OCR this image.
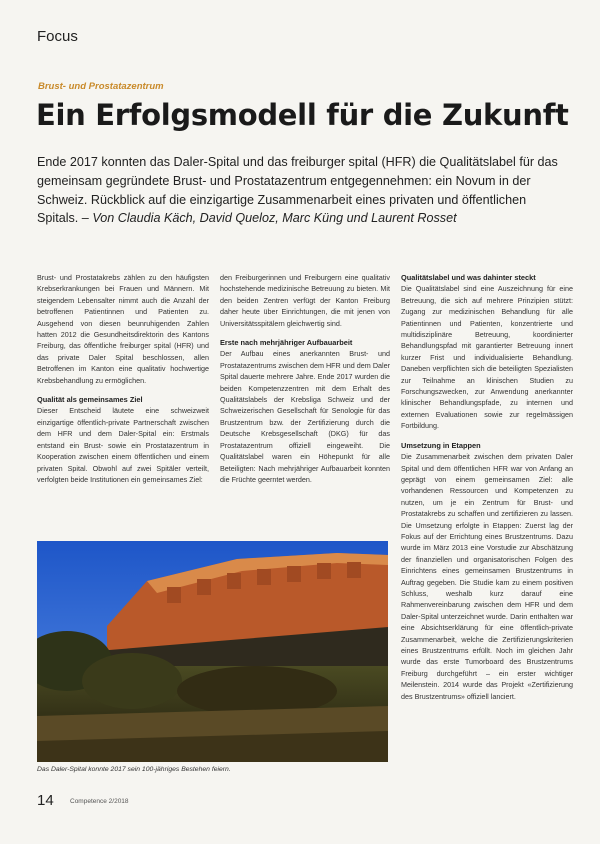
Focus
Brust- und Prostatazentrum
Ein Erfolgsmodell für die Zukunft
Ende 2017 konnten das Daler-Spital und das freiburger spital (HFR) die Qualitätslabel für das gemeinsam gegründete Brust- und Prostatazentrum entgegennehmen: ein Novum in der Schweiz. Rückblick auf die einzigartige Zusammenarbeit eines privaten und öffentlichen Spitals. – Von Claudia Käch, David Queloz, Marc Küng und Laurent Rosset

Brust- und Prostatakrebs zählen zu den häufigsten Krebserkrankungen bei Frauen und Männern. Mit steigendem Lebensalter nimmt auch die Anzahl der betroffenen Patientinnen und Patienten zu. Ausgehend von diesen beunruhigenden Zahlen hatten 2012 die Gesundheitsdirektorin des Kantons Freiburg, das öffentliche freiburger spital (HFR) und das private Daler Spital beschlossen, allen Betroffenen im Kanton eine qualitativ hochwertige Krebsbehandlung zu ermöglichen.

Qualität als gemeinsames Ziel

Dieser Entscheid läutete eine schweizweit einzigartige öffentlich-private Partnerschaft zwischen dem HFR und dem Daler-Spital ein: Erstmals entstand ein Brust- sowie ein Prostatazentrum in Kooperation zwischen einem öffentlichen und einem privaten Spital. Obwohl auf zwei Spitäler verteilt, verfolgten beide Institutionen ein gemeinsames Ziel:

den Freiburgerinnen und Freiburgern eine qualitativ hochstehende medizinische Betreuung zu bieten. Mit den beiden Zentren verfügt der Kanton Freiburg daher heute über Einrichtungen, die mit jenen von Universitätsspitälern gleichwertig sind.

Erste nach mehrjähriger Aufbauarbeit

Der Aufbau eines anerkannten Brust- und Prostatazentrums zwischen dem HFR und dem Daler Spital dauerte mehrere Jahre. Ende 2017 wurden die beiden Kompetenzzentren mit dem Erhalt des Qualitätslabels der Krebsliga Schweiz und der Schweizerischen Gesellschaft für Senologie für das Brustzentrum bzw. der Zertifizierung durch die Deutsche Krebsgesellschaft (DKG) für das Prostatazentrum offiziell eingeweiht. Die Qualitätslabel waren ein Höhepunkt für alle Beteiligten: Nach mehrjähriger Aufbauarbeit konnten die Früchte geerntet werden.

Qualitätslabel und was dahinter steckt

Die Qualitätslabel sind eine Auszeichnung für eine Betreuung, die sich auf mehrere Prinzipien stützt: Zugang zur medizinischen Behandlung für alle Patientinnen und Patienten, konzentrierte und multidisziplinäre Betreuung, koordinierter Behandlungspfad mit garantierter Betreuung innert kurzer Frist und individualisierte Behandlung. Daneben verpflichten sich die beteiligten Spezialisten zur Teilnahme an klinischen Studien zu Forschungszwecken, zur Anwendung anerkannter klinischer Behandlungspfade, zu internen und externen Evaluationen sowie zur regelmässigen Fortbildung.

Umsetzung in Etappen

Die Zusammenarbeit zwischen dem privaten Daler Spital und dem öffentlichen HFR war von Anfang an geprägt von einem gemeinsamen Ziel: alle vorhandenen Ressourcen und Kompetenzen zu nutzen, um je ein Zentrum für Brust- und Prostatakrebs zu schaffen und zertifizieren zu lassen. Die Umsetzung erfolgte in Etappen: Zuerst lag der Fokus auf der Errichtung eines Brustzentrums. Dazu wurde im März 2013 eine Vorstudie zur Abschätzung der finanziellen und organisatorischen Folgen des Einrichtens eines gemeinsamen Brustzentrums in Auftrag gegeben. Die Studie kam zu einem positiven Schluss, weshalb kurz darauf eine Rahmenvereinbarung zwischen dem HFR und dem Daler-Spital unterzeichnet wurde. Darin enthalten war eine Absichtserklärung für eine öffentlich-private Zusammenarbeit, welche die Zertifizierungskriterien eines Brustzentrums erfüllt. Noch im gleichen Jahr wurde das erste Tumorboard des Brustzentrums Freiburg durchgeführt – ein erster wichtiger Meilenstein. 2014 wurde das Projekt «Zertifizierung des Brustzentrums» offiziell lanciert.

Das Daler-Spital konnte 2017 sein 100-jähriges Bestehen feiern.
14	Competence 2/2018
